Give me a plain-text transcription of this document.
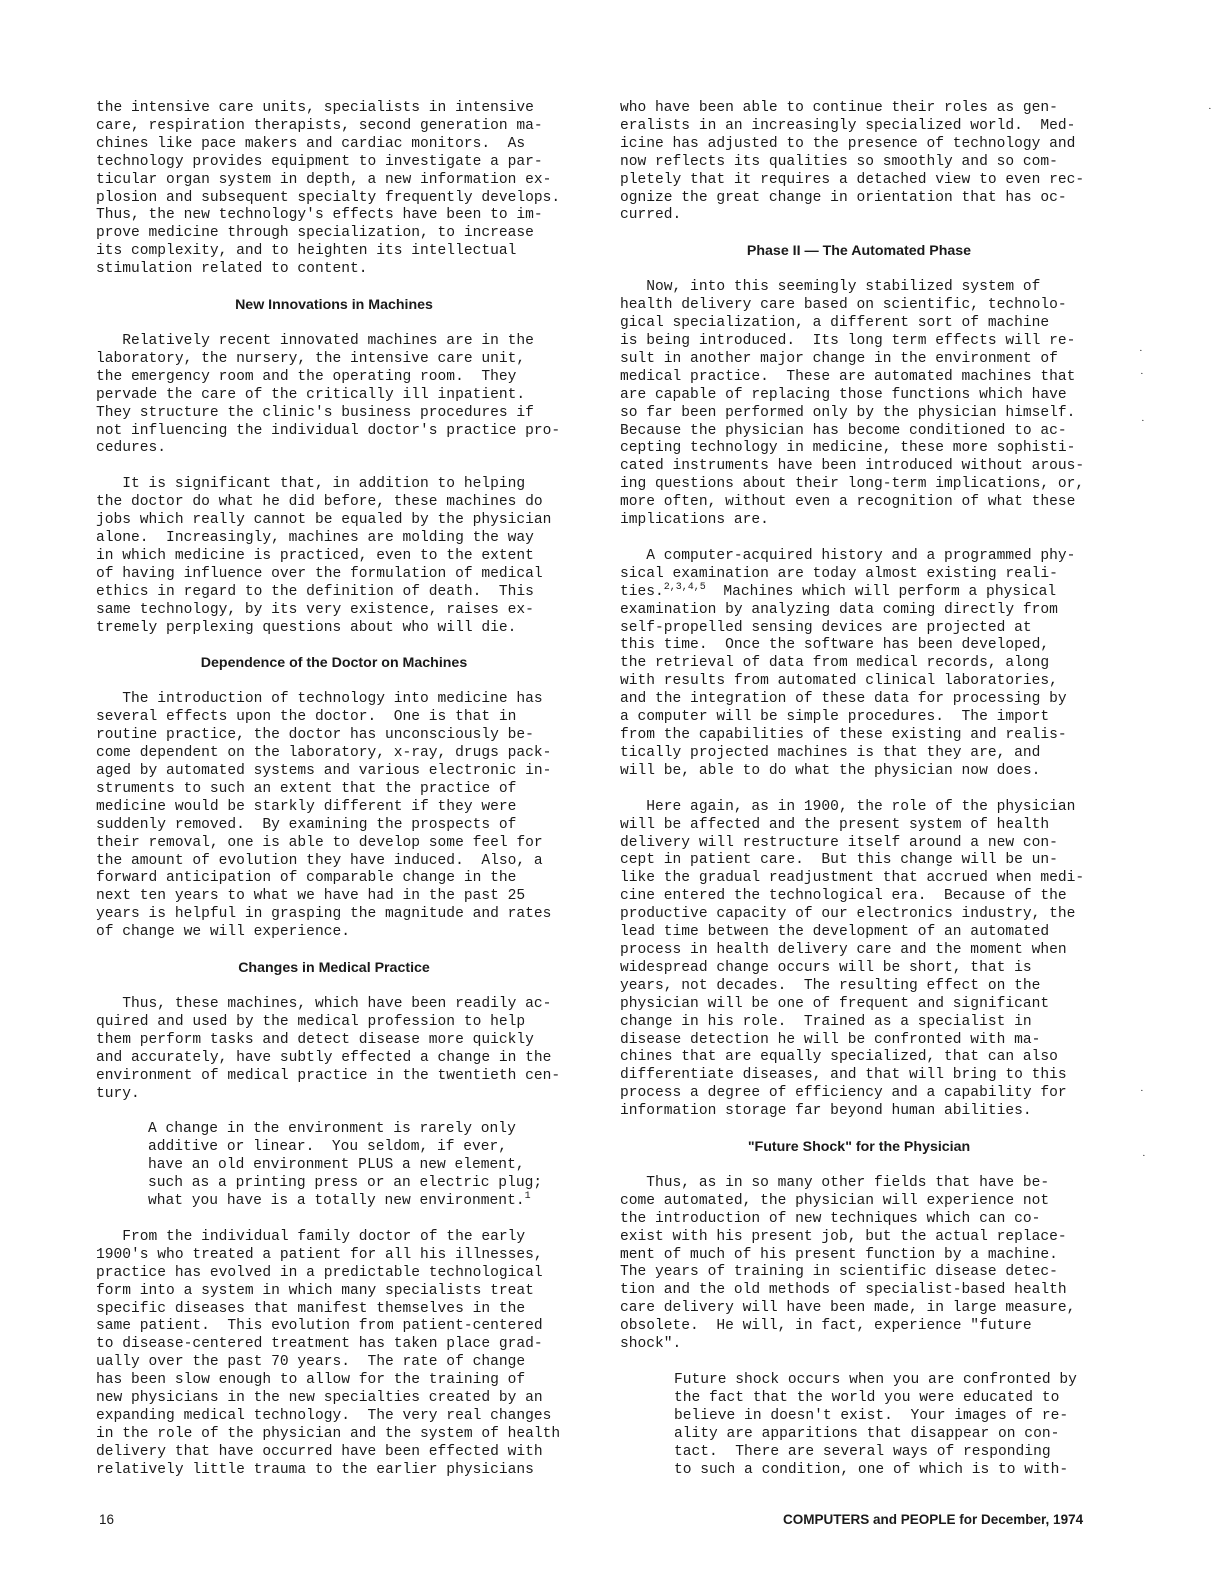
the intensive care units, specialists in intensive
care, respiration therapists, second generation ma-
chines like pace makers and cardiac monitors.  As
technology provides equipment to investigate a par-
ticular organ system in depth, a new information ex-
plosion and subsequent specialty frequently develops.
Thus, the new technology's effects have been to im-
prove medicine through specialization, to increase
its complexity, and to heighten its intellectual
stimulation related to content.
New Innovations in Machines
Relatively recent innovated machines are in the
laboratory, the nursery, the intensive care unit,
the emergency room and the operating room.  They
pervade the care of the critically ill inpatient.
They structure the clinic's business procedures if
not influencing the individual doctor's practice pro-
cedures.
It is significant that, in addition to helping
the doctor do what he did before, these machines do
jobs which really cannot be equaled by the physician
alone.  Increasingly, machines are molding the way
in which medicine is practiced, even to the extent
of having influence over the formulation of medical
ethics in regard to the definition of death.  This
same technology, by its very existence, raises ex-
tremely perplexing questions about who will die.
Dependence of the Doctor on Machines
The introduction of technology into medicine has
several effects upon the doctor.  One is that in
routine practice, the doctor has unconsciously be-
come dependent on the laboratory, x-ray, drugs pack-
aged by automated systems and various electronic in-
struments to such an extent that the practice of
medicine would be starkly different if they were
suddenly removed.  By examining the prospects of
their removal, one is able to develop some feel for
the amount of evolution they have induced.  Also, a
forward anticipation of comparable change in the
next ten years to what we have had in the past 25
years is helpful in grasping the magnitude and rates
of change we will experience.
Changes in Medical Practice
Thus, these machines, which have been readily ac-
quired and used by the medical profession to help
them perform tasks and detect disease more quickly
and accurately, have subtly effected a change in the
environment of medical practice in the twentieth cen-
tury.
A change in the environment is rarely only
additive or linear.  You seldom, if ever,
have an old environment PLUS a new element,
such as a printing press or an electric plug;
what you have is a totally new environment.$^1$
From the individual family doctor of the early
1900's who treated a patient for all his illnesses,
practice has evolved in a predictable technological
form into a system in which many specialists treat
specific diseases that manifest themselves in the
same patient.  This evolution from patient-centered
to disease-centered treatment has taken place grad-
ually over the past 70 years.  The rate of change
has been slow enough to allow for the training of
new physicians in the new specialties created by an
expanding medical technology.  The very real changes
in the role of the physician and the system of health
delivery that have occurred have been effected with
relatively little trauma to the earlier physicians
who have been able to continue their roles as gen-
eralists in an increasingly specialized world.  Med-
icine has adjusted to the presence of technology and
now reflects its qualities so smoothly and so com-
pletely that it requires a detached view to even rec-
ognize the great change in orientation that has oc-
curred.
Phase II — The Automated Phase
Now, into this seemingly stabilized system of
health delivery care based on scientific, technolo-
gical specialization, a different sort of machine
is being introduced.  Its long term effects will re-
sult in another major change in the environment of
medical practice.  These are automated machines that
are capable of replacing those functions which have
so far been performed only by the physician himself.
Because the physician has become conditioned to ac-
cepting technology in medicine, these more sophisti-
cated instruments have been introduced without arous-
ing questions about their long-term implications, or,
more often, without even a recognition of what these
implications are.
A computer-acquired history and a programmed phy-
sical examination are today almost existing reali-
ties.$^{2,3,4,5}$  Machines which will perform a physical
examination by analyzing data coming directly from
self-propelled sensing devices are projected at
this time.  Once the software has been developed,
the retrieval of data from medical records, along
with results from automated clinical laboratories,
and the integration of these data for processing by
a computer will be simple procedures.  The import
from the capabilities of these existing and realis-
tically projected machines is that they are, and
will be, able to do what the physician now does.
Here again, as in 1900, the role of the physician
will be affected and the present system of health
delivery will restructure itself around a new con-
cept in patient care.  But this change will be un-
like the gradual readjustment that accrued when medi-
cine entered the technological era.  Because of the
productive capacity of our electronics industry, the
lead time between the development of an automated
process in health delivery care and the moment when
widespread change occurs will be short, that is
years, not decades.  The resulting effect on the
physician will be one of frequent and significant
change in his role.  Trained as a specialist in
disease detection he will be confronted with ma-
chines that are equally specialized, that can also
differentiate diseases, and that will bring to this
process a degree of efficiency and a capability for
information storage far beyond human abilities.
"Future Shock" for the Physician
Thus, as in so many other fields that have be-
come automated, the physician will experience not
the introduction of new techniques which can co-
exist with his present job, but the actual replace-
ment of much of his present function by a machine.
The years of training in scientific disease detec-
tion and the old methods of specialist-based health
care delivery will have been made, in large measure,
obsolete.  He will, in fact, experience "future
shock".
Future shock occurs when you are confronted by
the fact that the world you were educated to
believe in doesn't exist.  Your images of re-
ality are apparitions that disappear on con-
tact.  There are several ways of responding
to such a condition, one of which is to with-
16	COMPUTERS and PEOPLE for December, 1974
·
·
·
·
·
·
